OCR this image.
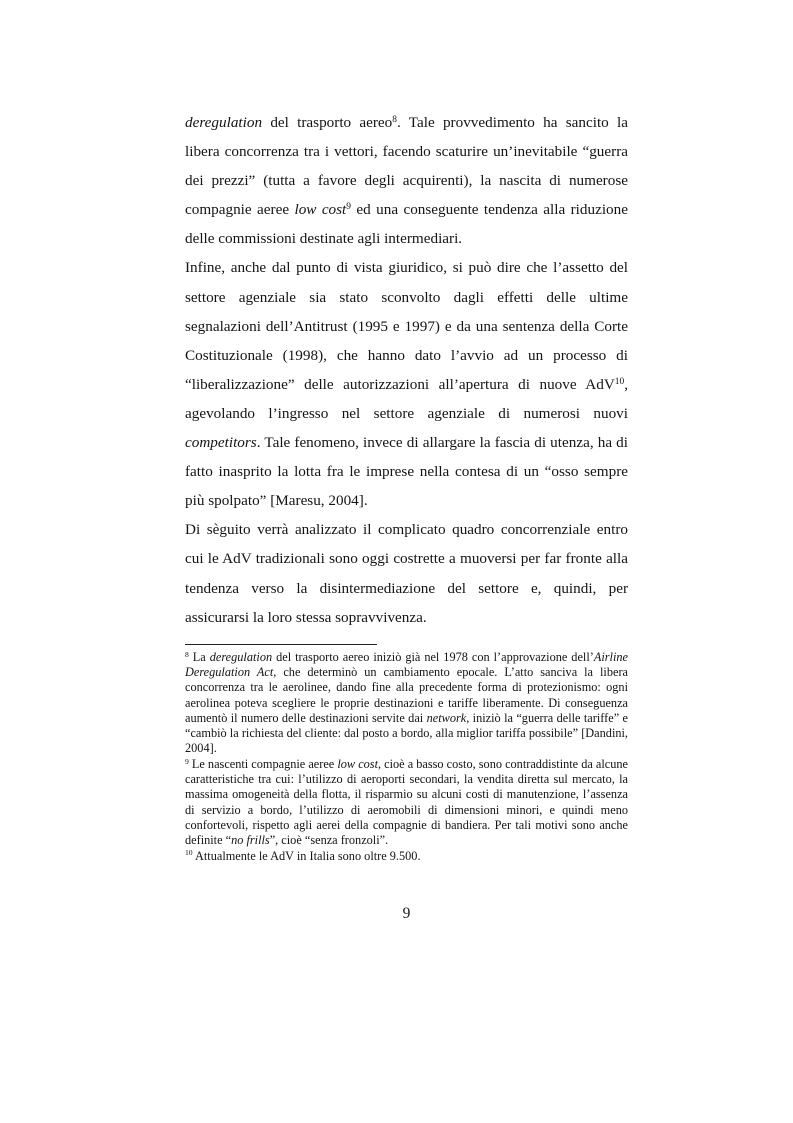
deregulation del trasporto aereo$^8$. Tale provvedimento ha sancito la libera concorrenza tra i vettori, facendo scaturire un’inevitabile “guerra dei prezzi” (tutta a favore degli acquirenti), la nascita di numerose compagnie aeree low cost$^9$ ed una conseguente tendenza alla riduzione delle commissioni destinate agli intermediari.

Infine, anche dal punto di vista giuridico, si può dire che l’assetto del settore agenziale sia stato sconvolto dagli effetti delle ultime segnalazioni dell’Antitrust (1995 e 1997) e da una sentenza della Corte Costituzionale (1998), che hanno dato l’avvio ad un processo di “liberalizzazione” delle autorizzazioni all’apertura di nuove AdV$^{10}$, agevolando l’ingresso nel settore agenziale di numerosi nuovi competitors. Tale fenomeno, invece di allargare la fascia di utenza, ha di fatto inasprito la lotta fra le imprese nella contesa di un “osso sempre più spolpato” [Maresu, 2004].

Di sèguito verrà analizzato il complicato quadro concorrenziale entro cui le AdV tradizionali sono oggi costrette a muoversi per far fronte alla tendenza verso la disintermediazione del settore e, quindi, per assicurarsi la loro stessa sopravvivenza.

$^8$ La deregulation del trasporto aereo iniziò già nel 1978 con l’approvazione dell’Airline Deregulation Act, che determinò un cambiamento epocale. L’atto sanciva la libera concorrenza tra le aerolinee, dando fine alla precedente forma di protezionismo: ogni aerolinea poteva scegliere le proprie destinazioni e tariffe liberamente. Di conseguenza aumentò il numero delle destinazioni servite dai network, iniziò la “guerra delle tariffe” e “cambiò la richiesta del cliente: dal posto a bordo, alla miglior tariffa possibile” [Dandini, 2004].

$^9$ Le nascenti compagnie aeree low cost, cioè a basso costo, sono contraddistinte da alcune caratteristiche tra cui: l’utilizzo di aeroporti secondari, la vendita diretta sul mercato, la massima omogeneità della flotta, il risparmio su alcuni costi di manutenzione, l’assenza di servizio a bordo, l’utilizzo di aeromobili di dimensioni minori, e quindi meno confortevoli, rispetto agli aerei della compagnie di bandiera. Per tali motivi sono anche definite “no frills”, cioè “senza fronzoli”.

$^{10}$ Attualmente le AdV in Italia sono oltre 9.500.

9
